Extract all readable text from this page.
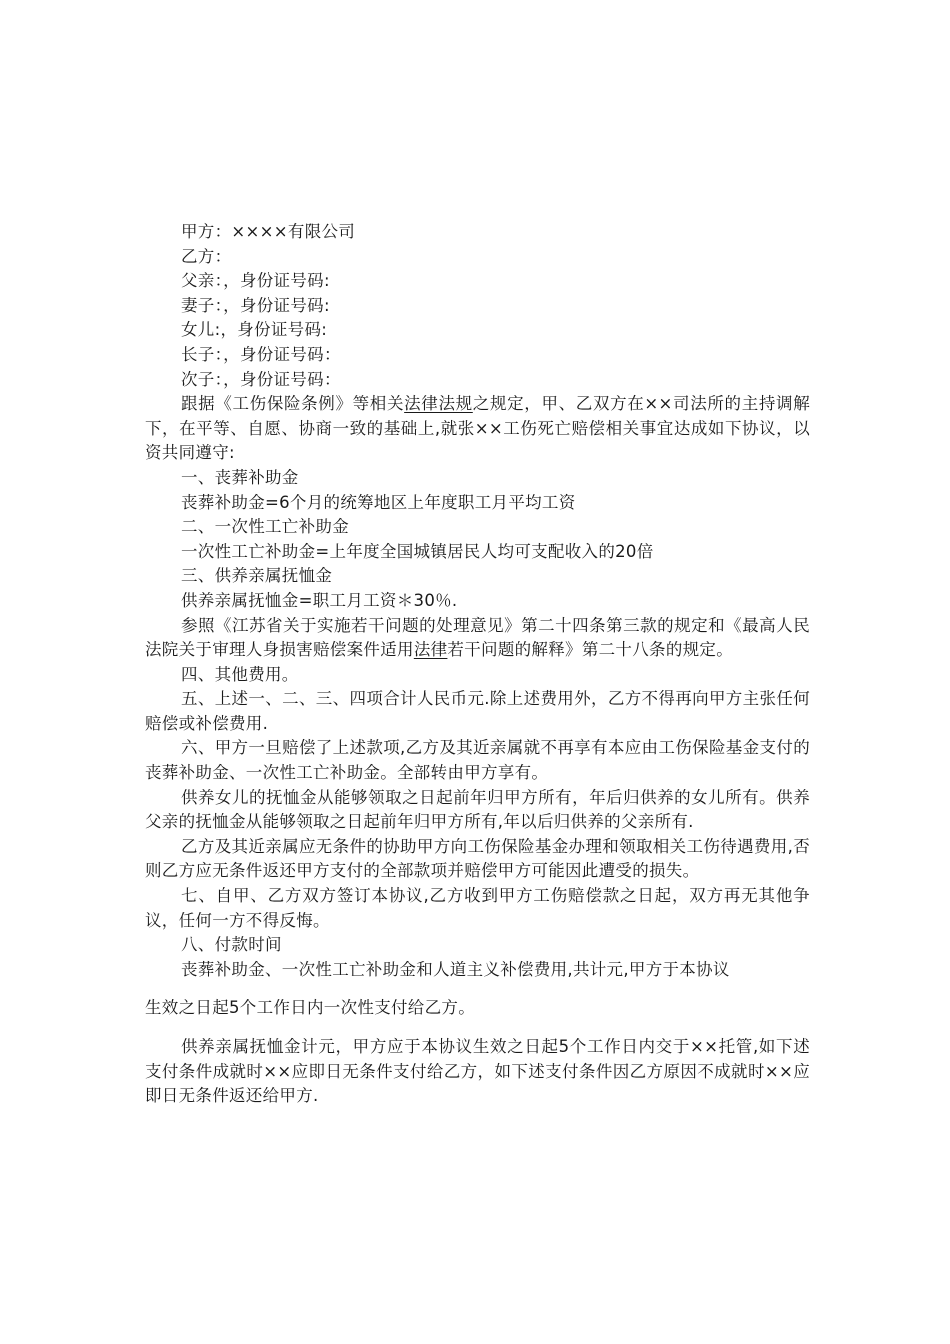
甲方：××××有限公司

乙方：

父亲：，身份证号码:

妻子：，身份证号码:

女儿:，身份证号码:

长子：，身份证号码：

次子：，身份证号码：

跟据《工伤保险条例》等相关法律法规之规定，甲、乙双方在××司法所的主持调解下，在平等、自愿、协商一致的基础上,就张××工伤死亡赔偿相关事宜达成如下协议，以资共同遵守:

一、丧葬补助金

丧葬补助金=6个月的统筹地区上年度职工月平均工资

二、一次性工亡补助金

一次性工亡补助金=上年度全国城镇居民人均可支配收入的20倍

三、供养亲属抚恤金

供养亲属抚恤金=职工月工资＊30％.

参照《江苏省关于实施若干问题的处理意见》第二十四条第三款的规定和《最高人民法院关于审理人身损害赔偿案件适用法律若干问题的解释》第二十八条的规定。

四、其他费用。

五、上述一、二、三、四项合计人民币元.除上述费用外，乙方不得再向甲方主张任何赔偿或补偿费用.

六、甲方一旦赔偿了上述款项,乙方及其近亲属就不再享有本应由工伤保险基金支付的丧葬补助金、一次性工亡补助金。全部转由甲方享有。

供养女儿的抚恤金从能够领取之日起前年归甲方所有，年后归供养的女儿所有。供养父亲的抚恤金从能够领取之日起前年归甲方所有,年以后归供养的父亲所有.

乙方及其近亲属应无条件的协助甲方向工伤保险基金办理和领取相关工伤待遇费用,否则乙方应无条件返还甲方支付的全部款项并赔偿甲方可能因此遭受的损失。

七、自甲、乙方双方签订本协议,乙方收到甲方工伤赔偿款之日起，双方再无其他争议，任何一方不得反悔。

八、付款时间

丧葬补助金、一次性工亡补助金和人道主义补偿费用,共计元,甲方于本协议

生效之日起5个工作日内一次性支付给乙方。

供养亲属抚恤金计元，甲方应于本协议生效之日起5个工作日内交于××托管,如下述支付条件成就时××应即日无条件支付给乙方，如下述支付条件因乙方原因不成就时××应即日无条件返还给甲方.
